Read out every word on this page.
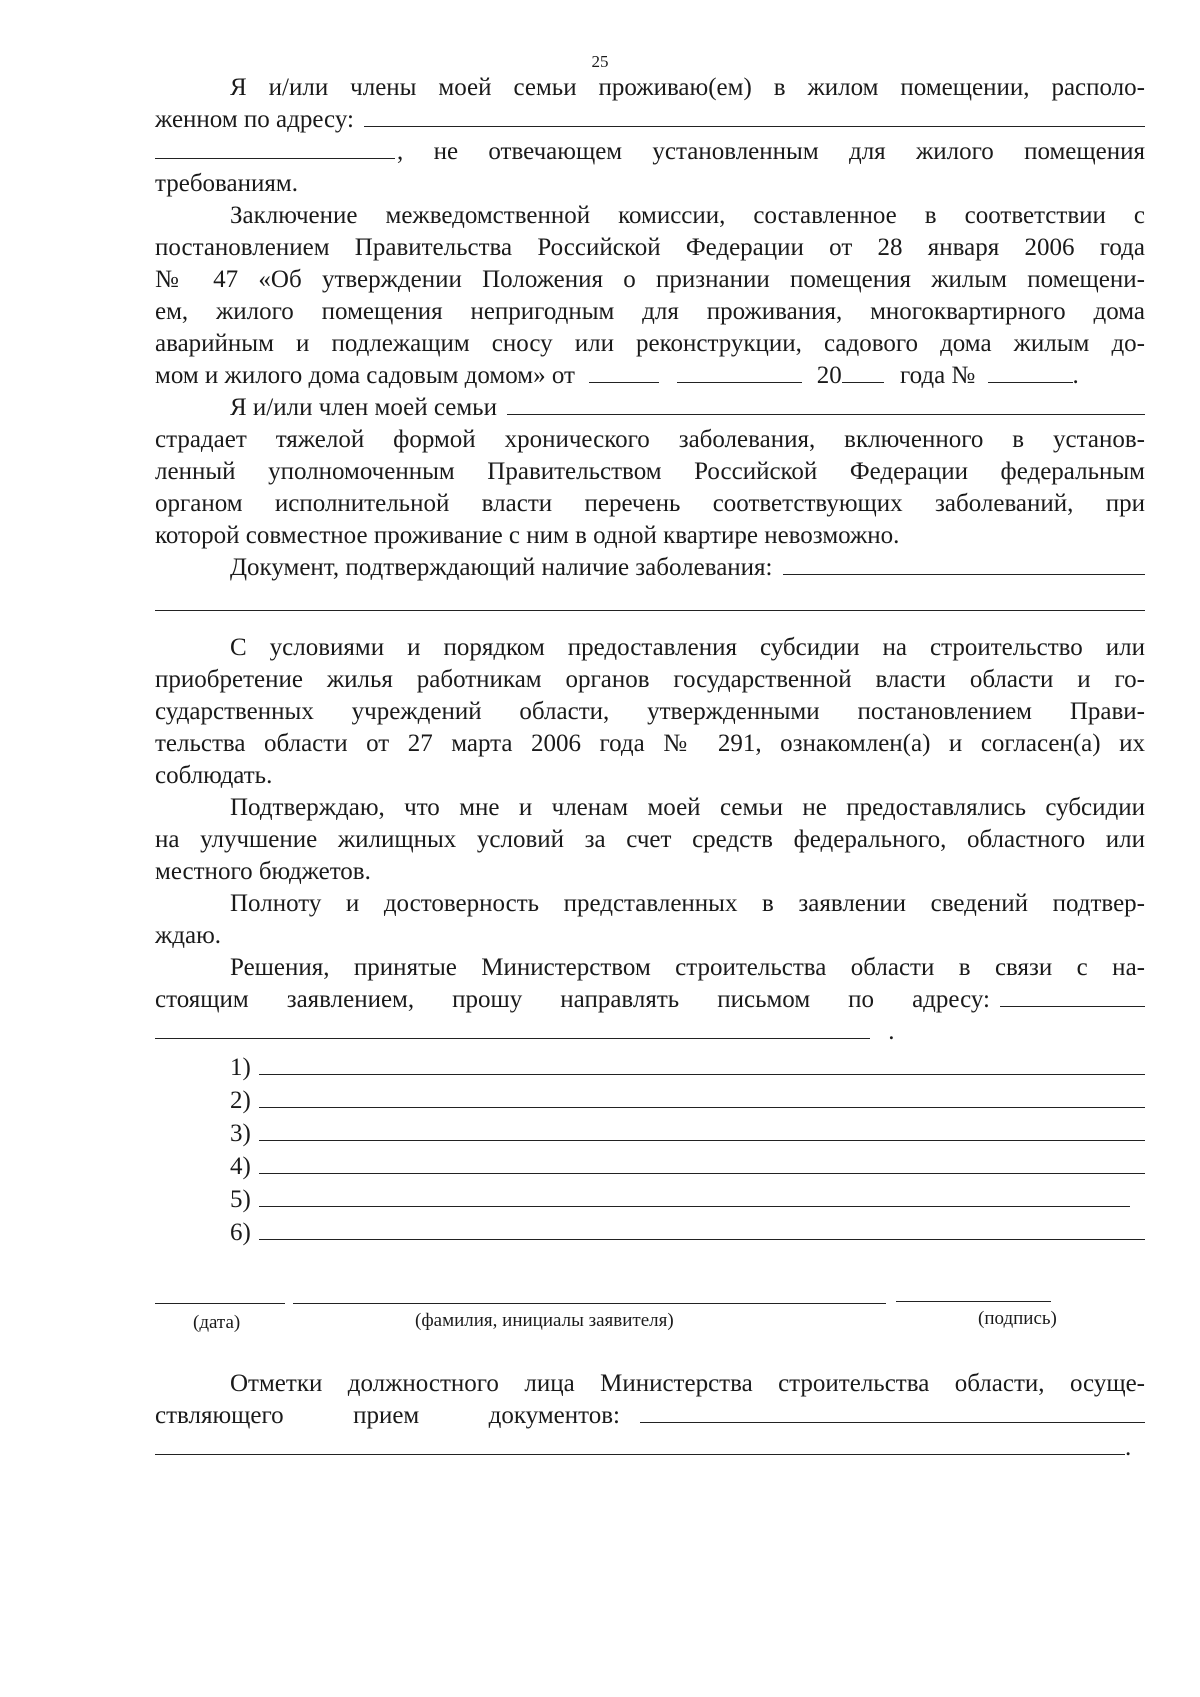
25
Я и/или члены моей семьи проживаю(ем) в жилом помещении, располо-
женном по адресу:
, не отвечающем установленным для жилого помещения
требованиям.
Заключение межведомственной комиссии, составленное в соответствии с
постановлением Правительства Российской Федерации от 28 января 2006 года
№ 47 «Об утверждении Положения о признании помещения жилым помещени-
ем, жилого помещения непригодным для проживания, многоквартирного дома
аварийным и подлежащим сносу или реконструкции, садового дома жилым до-
мом и жилого дома садовым домом» от	20 года №	.
Я и/или член моей семьи
страдает тяжелой формой хронического заболевания, включенного в установ-
ленный уполномоченным Правительством Российской Федерации федеральным
органом исполнительной власти перечень соответствующих заболеваний, при
которой совместное проживание с ним в одной квартире невозможно.
Документ, подтверждающий наличие заболевания:
С условиями и порядком предоставления субсидии на строительство или
приобретение жилья работникам органов государственной власти области и го-
сударственных учреждений области, утвержденными постановлением Прави-
тельства области от 27 марта 2006 года № 291, ознакомлен(а) и согласен(а) их
соблюдать.
Подтверждаю, что мне и членам моей семьи не предоставлялись субсидии
на улучшение жилищных условий за счет средств федерального, областного или
местного бюджетов.
Полноту и достоверность представленных в заявлении сведений подтвер-
ждаю.
Решения, принятые Министерством строительства области в связи с на-
стоящим заявлением, прошу направлять письмом по адресу:
.
1)
2)
3)
4)
5)
6)
(дата)	(фамилия, инициалы заявителя)	(подпись)
Отметки должностного лица Министерства строительства области, осуще-
ствляющего прием документов:
.
